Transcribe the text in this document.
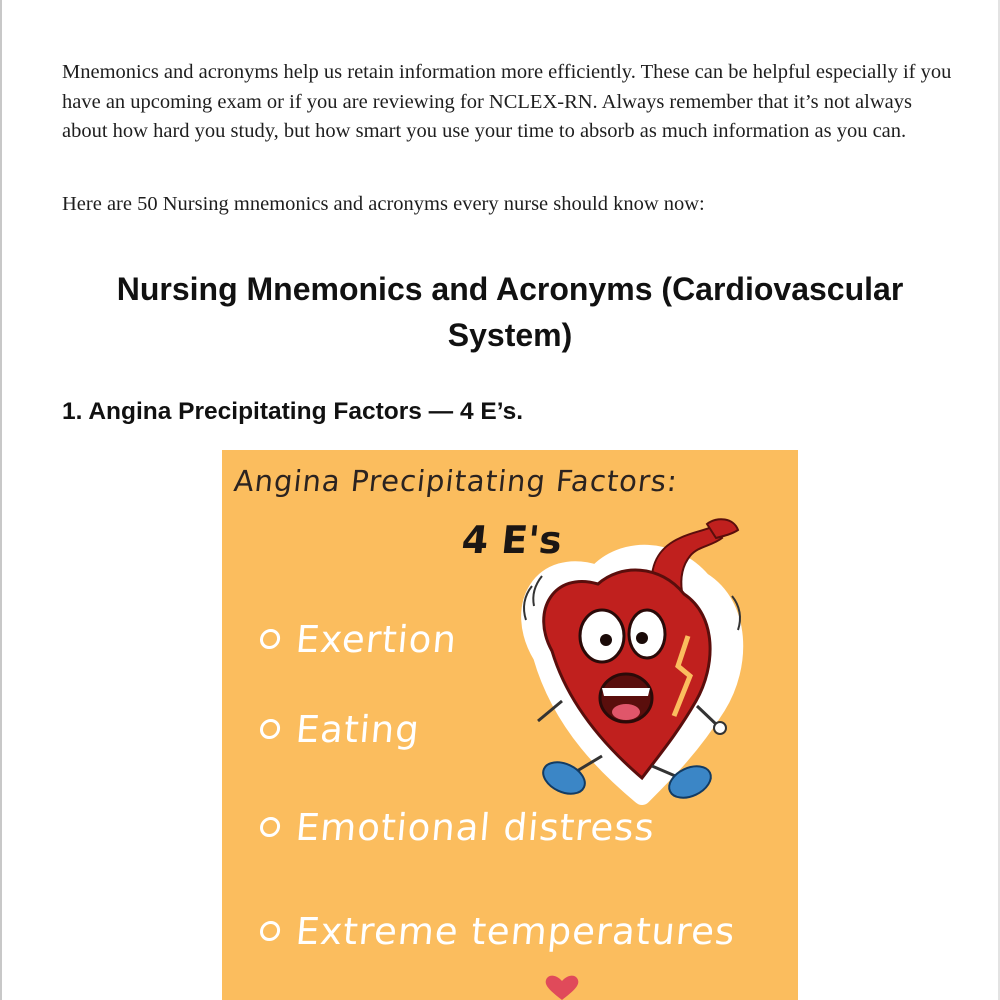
Mnemonics and acronyms help us retain information more efficiently. These can be helpful especially if you have an upcoming exam or if you are reviewing for NCLEX-RN. Always remember that it’s not always about how hard you study, but how smart you use your time to absorb as much information as you can.

Here are 50 Nursing mnemonics and acronyms every nurse should know now:

Nursing Mnemonics and Acronyms (Cardiovascular System)
1. Angina Precipitating Factors — 4 E’s.
Angina Precipitating Factors:
4 E's
Exertion
Eating
Emotional distress
Extreme temperatures
